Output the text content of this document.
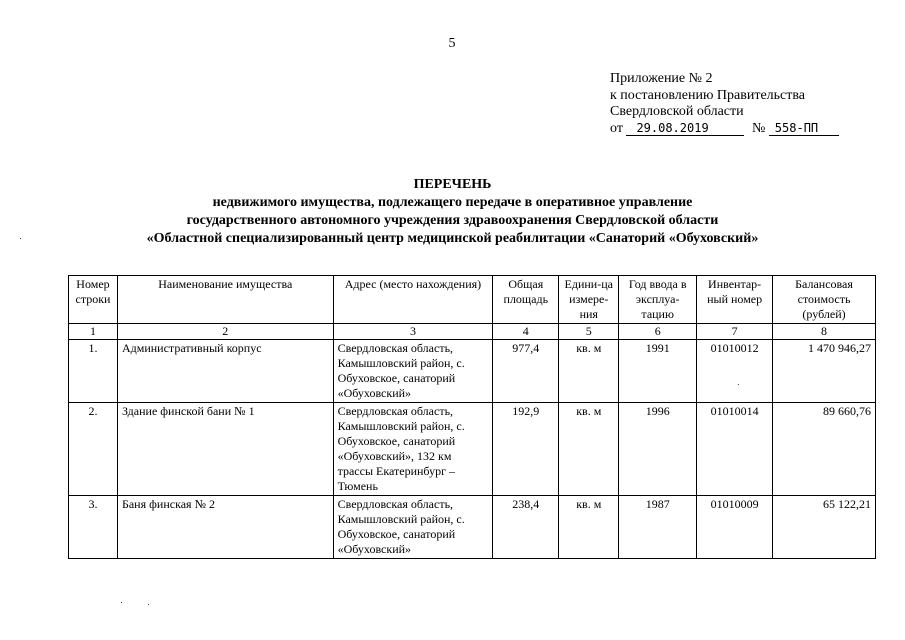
5
Приложение № 2
к постановлению Правительства
Свердловской области
от 29.08.2019	№ 558-ПП
ПЕРЕЧЕНЬ
недвижимого имущества, подлежащего передаче в оперативное управление
государственного автономного учреждения здравоохранения Свердловской области
«Областной специализированный центр медицинской реабилитации «Санаторий «Обуховский»
Номер строки	Наименование имущества	Адрес (место нахождения)	Общая площадь	Едини-ца измере-ния	Год ввода в эксплуа-тацию	Инвентар-ный номер	Балансовая стоимость (рублей)
1	2	3	4	5	6	7	8
1.	Административный корпус	Свердловская область, Камышловский район, с. Обуховское, санаторий «Обуховский»	977,4	кв. м	1991	01010012	1 470 946,27
2.	Здание финской бани № 1	Свердловская область, Камышловский район, с. Обуховское, санаторий «Обуховский», 132 км трассы Екатеринбург – Тюмень	192,9	кв. м	1996	01010014	89 660,76
3.	Баня финская № 2	Свердловская область, Камышловский район, с. Обуховское, санаторий «Обуховский»	238,4	кв. м	1987	01010009	65 122,21
